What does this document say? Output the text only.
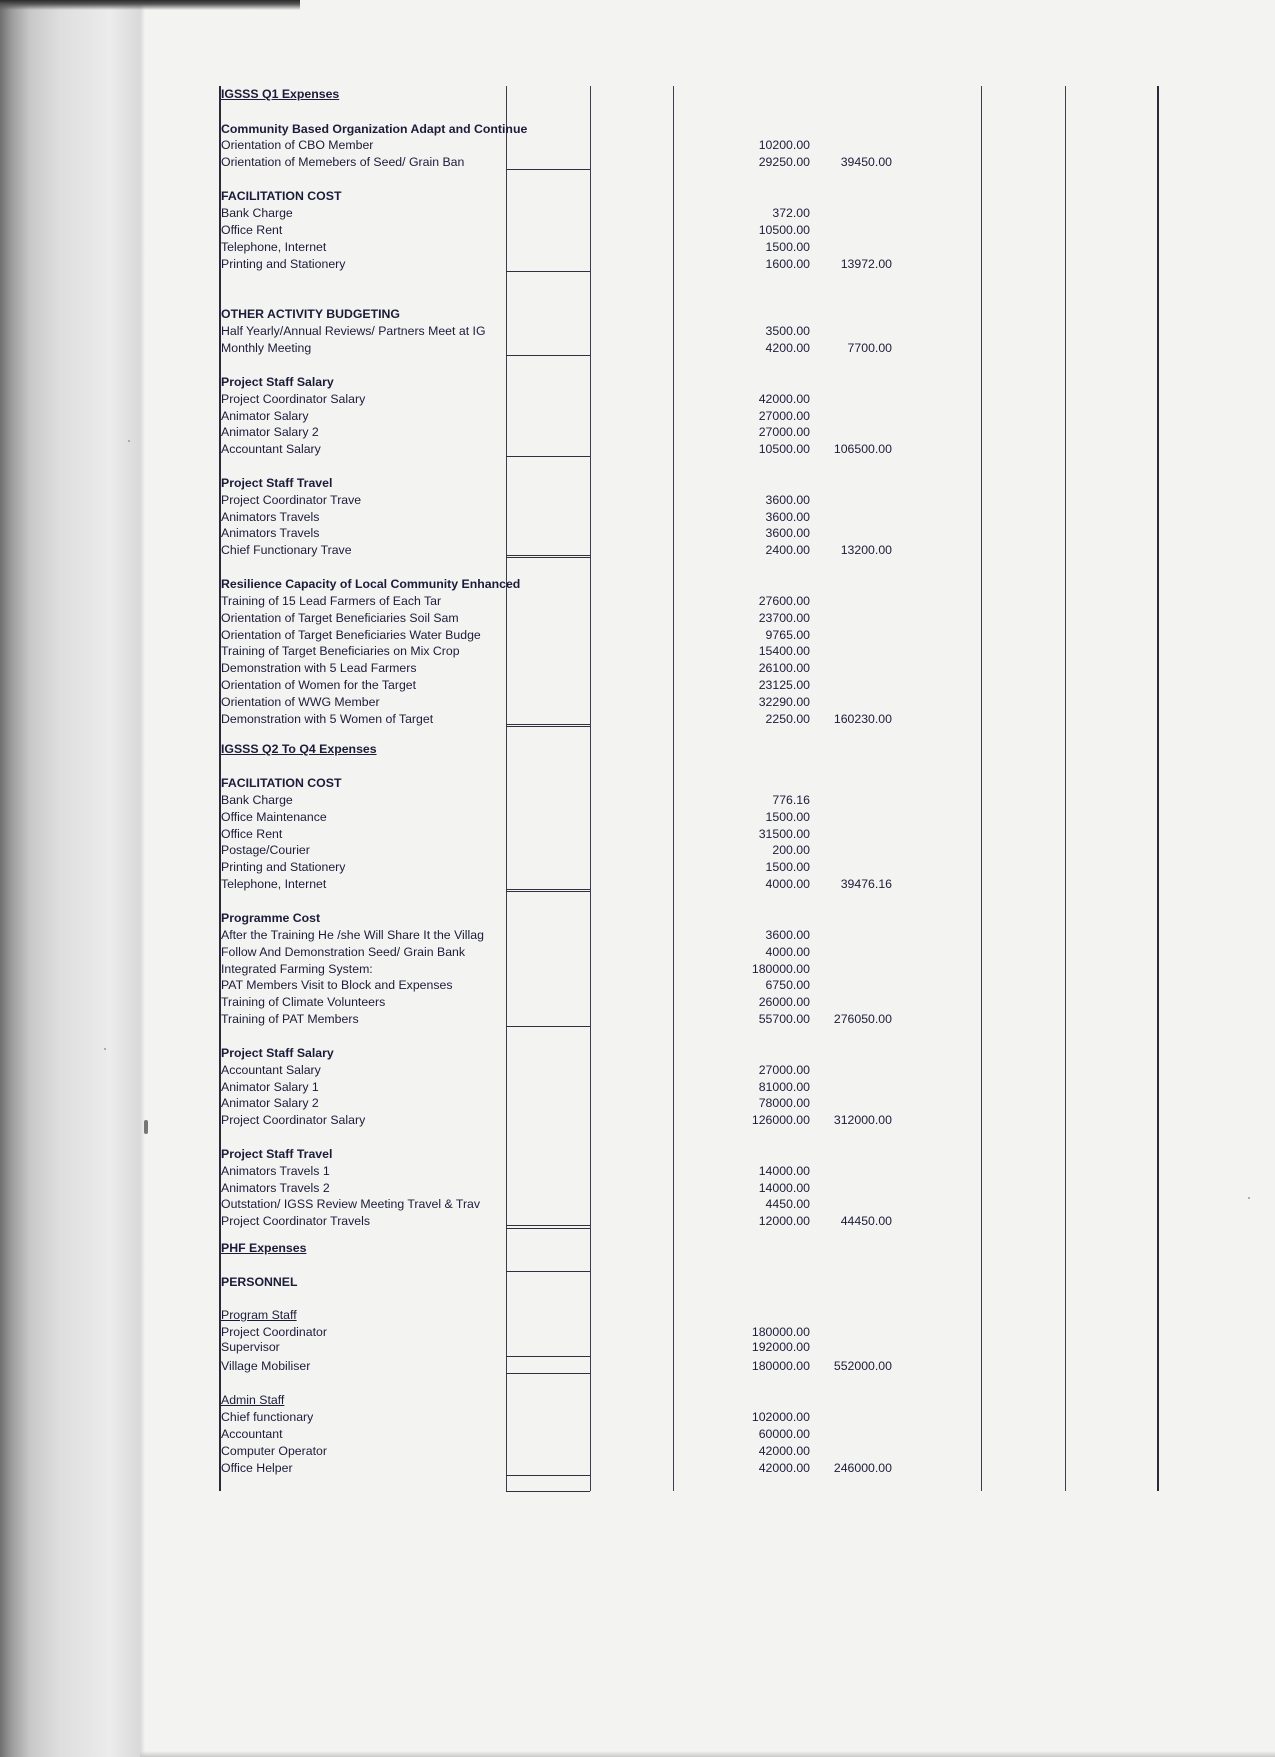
IGSSS Q1 Expenses
IGSSS Q2 To Q4 Expenses
PHF Expenses
PERSONNEL
Community Based Organization Adapt and Continue
Orientation of CBO Member	10200.00
Orientation of Memebers of Seed/ Grain Ban	29250.00	39450.00
FACILITATION COST
Bank Charge	372.00
Office Rent	10500.00
Telephone, Internet	1500.00
Printing and Stationery	1600.00	13972.00
OTHER ACTIVITY BUDGETING
Half Yearly/Annual Reviews/ Partners Meet at IG	3500.00
Monthly Meeting	4200.00	7700.00
Project Staff Salary
Project Coordinator Salary	42000.00
Animator Salary	27000.00
Animator Salary 2	27000.00
Accountant Salary	10500.00	106500.00
Project Staff Travel
Project Coordinator Trave	3600.00
Animators Travels	3600.00
Animators Travels	3600.00
Chief Functionary Trave	2400.00	13200.00
Resilience Capacity of Local Community Enhanced
Training of 15 Lead Farmers of Each Tar	27600.00
Orientation of Target Beneficiaries Soil Sam	23700.00
Orientation of Target Beneficiaries Water Budge	9765.00
Training of Target Beneficiaries on Mix Crop	15400.00
Demonstration with 5 Lead Farmers	26100.00
Orientation of Women for the Target	23125.00
Orientation of WWG Member	32290.00
Demonstration with 5 Women of Target	2250.00	160230.00
FACILITATION COST
Bank Charge	776.16
Office Maintenance	1500.00
Office Rent	31500.00
Postage/Courier	200.00
Printing and Stationery	1500.00
Telephone, Internet	4000.00	39476.16
Programme Cost
After the Training He /she Will Share It the Villag	3600.00
Follow And Demonstration Seed/ Grain Bank	4000.00
Integrated Farming System:	180000.00
PAT Members Visit to Block and Expenses	6750.00
Training of Climate Volunteers	26000.00
Training of PAT Members	55700.00	276050.00
Project Staff Salary
Accountant Salary	27000.00
Animator Salary 1	81000.00
Animator Salary 2	78000.00
Project Coordinator Salary	126000.00	312000.00
Project Staff Travel
Animators Travels 1	14000.00
Animators Travels 2	14000.00
Outstation/ IGSS Review Meeting Travel & Trav	4450.00
Project Coordinator Travels	12000.00	44450.00
Program Staff
Project Coordinator	180000.00
Supervisor	192000.00
Village Mobiliser	180000.00	552000.00
Admin Staff
Chief functionary	102000.00
Accountant	60000.00
Computer Operator	42000.00
Office Helper	42000.00	246000.00
